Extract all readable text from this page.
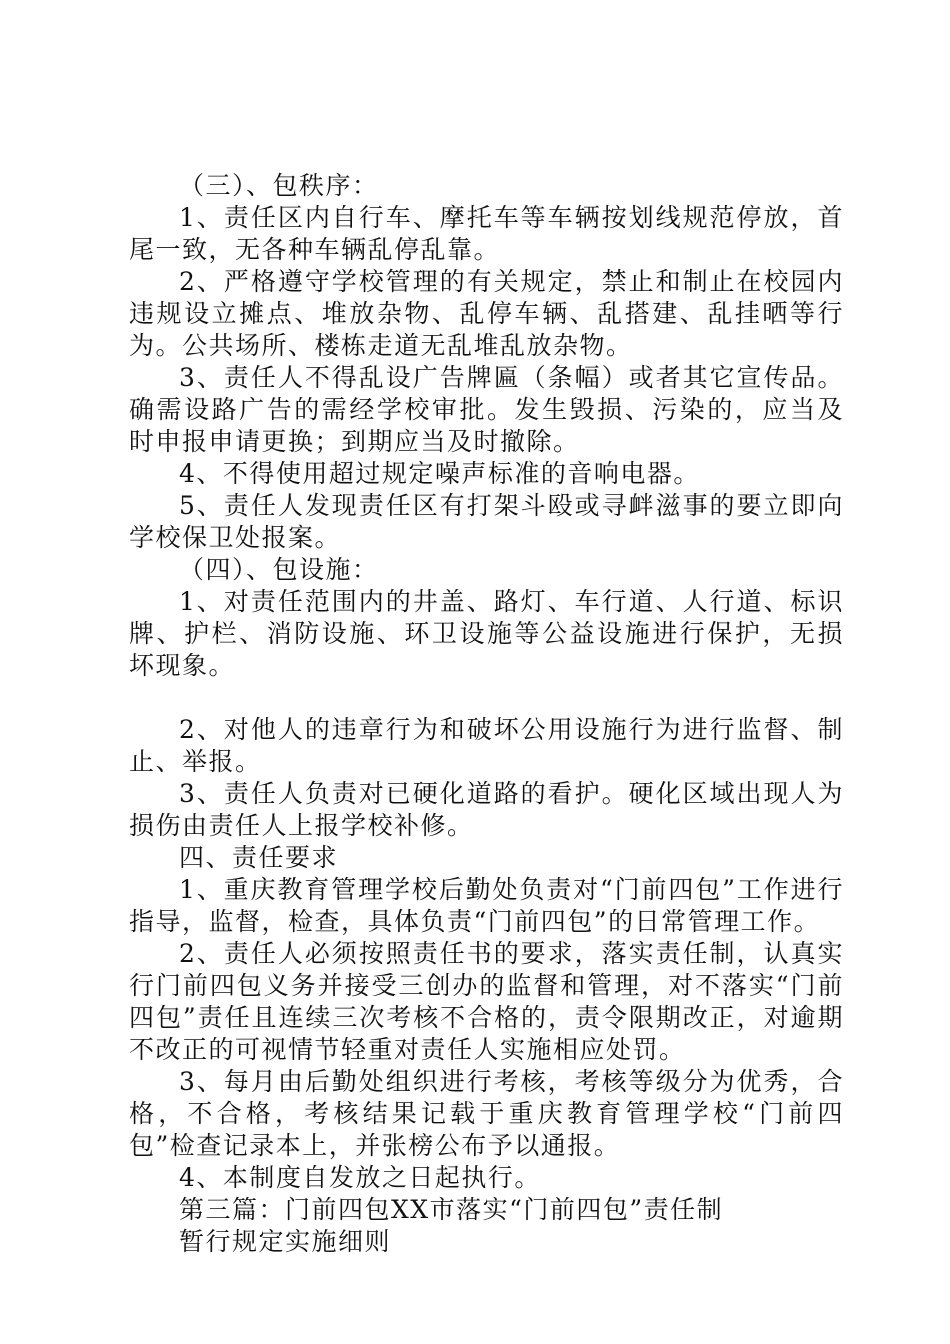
（三）、包秩序：

1、责任区内自行车、摩托车等车辆按划线规范停放，首尾一致，无各种车辆乱停乱靠。

2、严格遵守学校管理的有关规定，禁止和制止在校园内违规设立摊点、堆放杂物、乱停车辆、乱搭建、乱挂晒等行为。公共场所、楼栋走道无乱堆乱放杂物。

3、责任人不得乱设广告牌匾（条幅）或者其它宣传品。确需设路广告的需经学校审批。发生毁损、污染的，应当及时申报申请更换；到期应当及时撤除。

4、不得使用超过规定噪声标准的音响电器。

5、责任人发现责任区有打架斗殴或寻衅滋事的要立即向学校保卫处报案。

（四）、包设施：

1、对责任范围内的井盖、路灯、车行道、人行道、标识牌、护栏、消防设施、环卫设施等公益设施进行保护，无损坏现象。

2、对他人的违章行为和破坏公用设施行为进行监督、制止、举报。

3、责任人负责对已硬化道路的看护。硬化区域出现人为损伤由责任人上报学校补修。

四、责任要求

1、重庆教育管理学校后勤处负责对“门前四包”工作进行指导，监督，检查，具体负责“门前四包”的日常管理工作。

2、责任人必须按照责任书的要求，落实责任制，认真实行门前四包义务并接受三创办的监督和管理，对不落实“门前四包”责任且连续三次考核不合格的，责令限期改正，对逾期不改正的可视情节轻重对责任人实施相应处罚。

3、每月由后勤处组织进行考核，考核等级分为优秀，合格，不合格，考核结果记载于重庆教育管理学校“门前四包”检查记录本上，并张榜公布予以通报。

4、本制度自发放之日起执行。

第三篇：门前四包XX市落实“门前四包”责任制

暂行规定实施细则
